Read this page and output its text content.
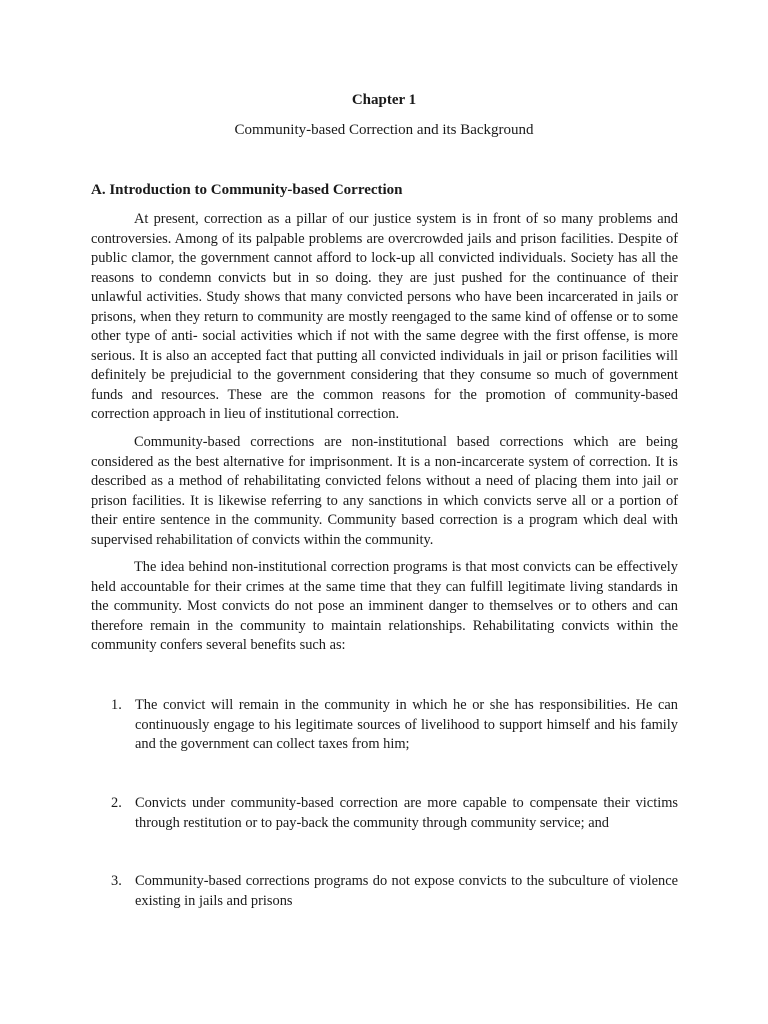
Chapter 1
Community-based Correction and its Background
A. Introduction to Community-based Correction

At present, correction as a pillar of our justice system is in front of so many problems and controversies. Among of its palpable problems are overcrowded jails and prison facilities. Despite of public clamor, the government cannot afford to lock-up all convicted individuals. Society has all the reasons to condemn convicts but in so doing. they are just pushed for the continuance of their unlawful activities. Study shows that many convicted persons who have been incarcerated in jails or prisons, when they return to community are mostly reengaged to the same kind of offense or to some other type of anti- social activities which if not with the same degree with the first offense, is more serious. It is also an accepted fact that putting all convicted individuals in jail or prison facilities will definitely be prejudicial to the government considering that they consume so much of government funds and resources. These are the common reasons for the promotion of community-based correction approach in lieu of institutional correction.

Community-based corrections are non-institutional based corrections which are being considered as the best alternative for imprisonment. It is a non-incarcerate system of correction. It is described as a method of rehabilitating convicted felons without a need of placing them into jail or prison facilities. It is likewise referring to any sanctions in which convicts serve all or a portion of their entire sentence in the community. Community based correction is a program which deal with supervised rehabilitation of convicts within the community.

The idea behind non-institutional correction programs is that most convicts can be effectively held accountable for their crimes at the same time that they can fulfill legitimate living standards in the community. Most convicts do not pose an imminent danger to themselves or to others and can therefore remain in the community to maintain relationships. Rehabilitating convicts within the community confers several benefits such as:

1. The convict will remain in the community in which he or she has responsibilities. He can continuously engage to his legitimate sources of livelihood to support himself and his family and the government can collect taxes from him;
2. Convicts under community-based correction are more capable to compensate their victims through restitution or to pay-back the community through community service; and
3. Community-based corrections programs do not expose convicts to the subculture of violence existing in jails and prisons
